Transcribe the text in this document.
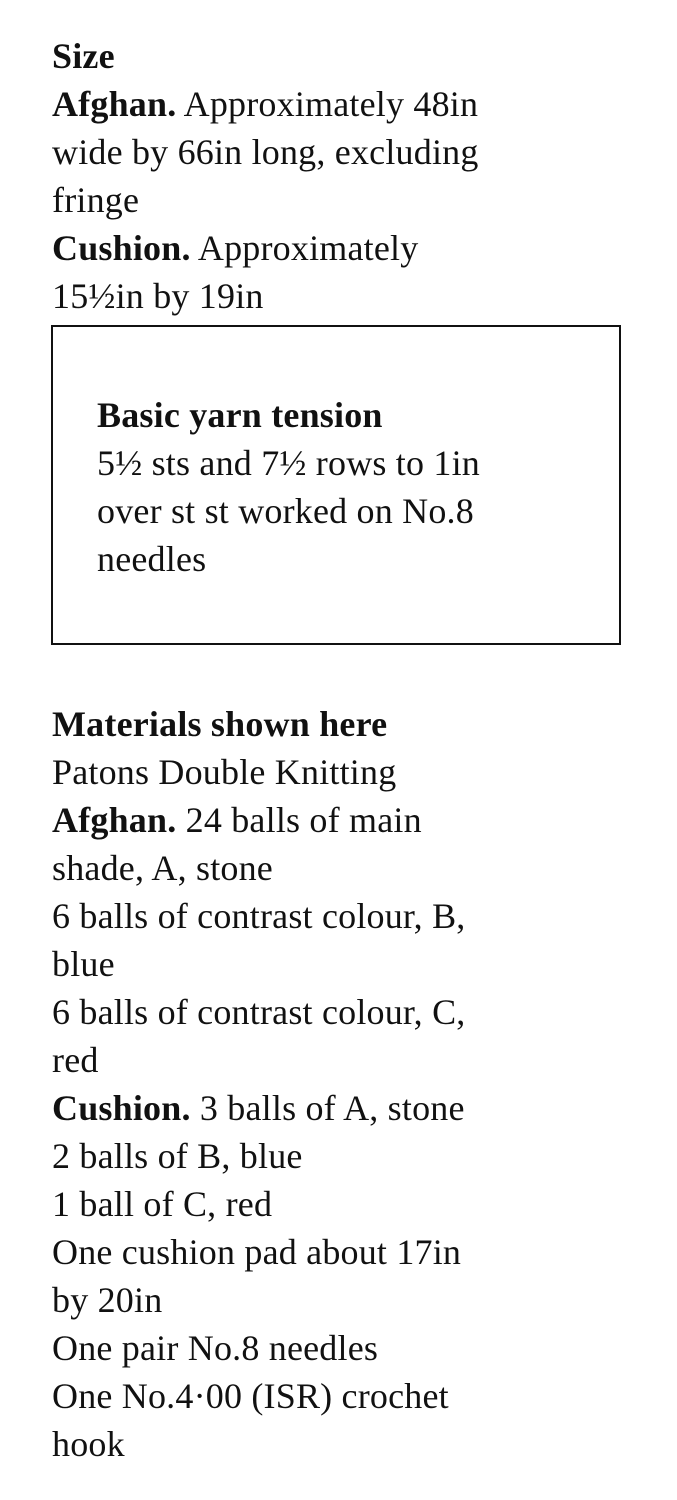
Size
Afghan. Approximately 48in
wide by 66in long, excluding
fringe
Cushion. Approximately
15½in by 19in
Basic yarn tension
5½ sts and 7½ rows to 1in
over st st worked on No.8
needles
Materials shown here
Patons Double Knitting
Afghan. 24 balls of main
shade, A, stone
6 balls of contrast colour, B,
blue
6 balls of contrast colour, C,
red
Cushion. 3 balls of A, stone
2 balls of B, blue
1 ball of C, red
One cushion pad about 17in
by 20in
One pair No.8 needles
One No.4·00 (ISR) crochet
hook
